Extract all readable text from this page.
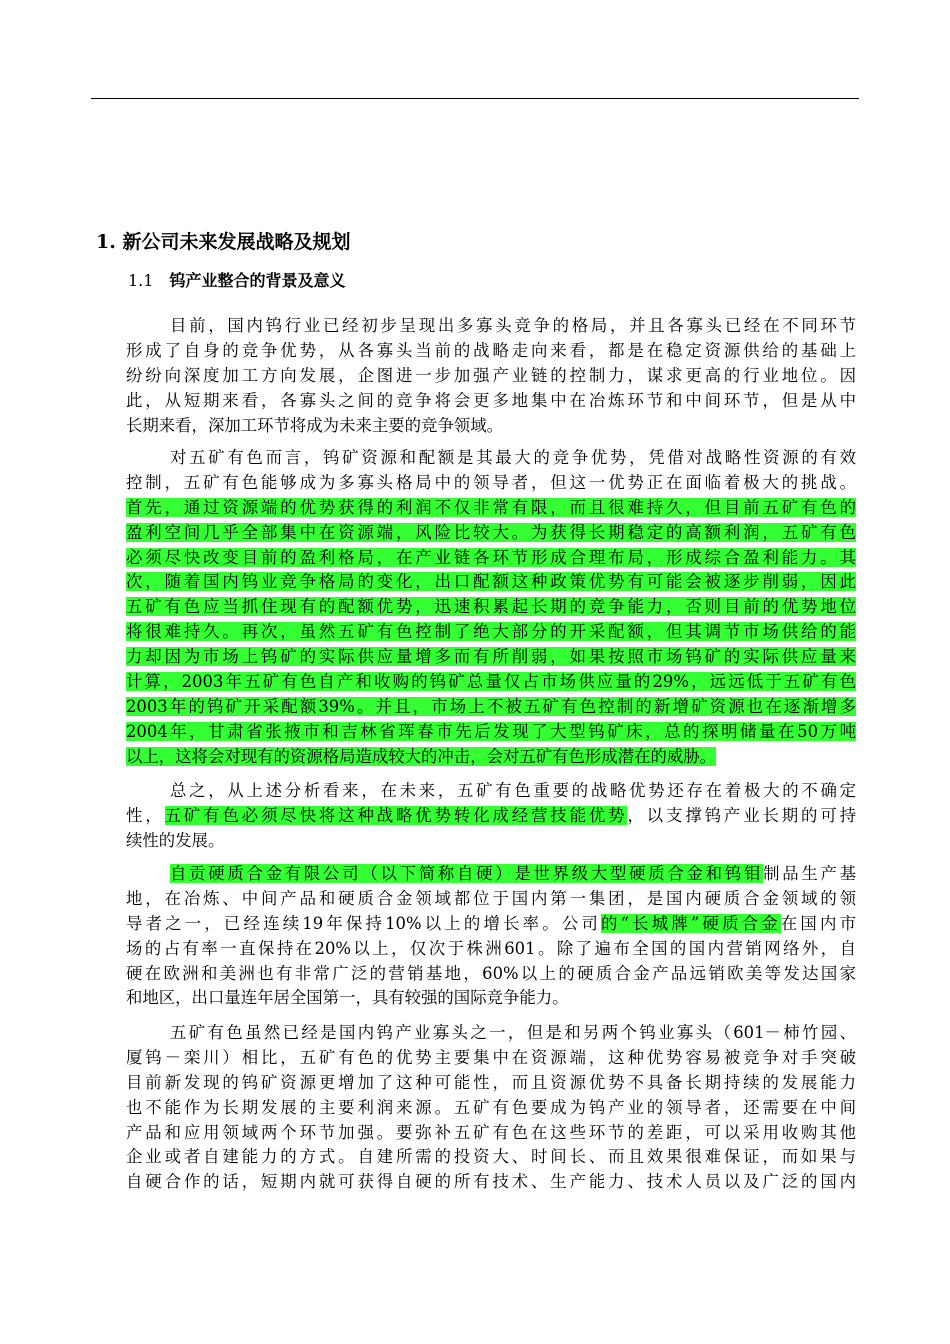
1. 新公司未来发展战略及规划
1.1 钨产业整合的背景及意义
目前，国内钨行业已经初步呈现出多寡头竞争的格局，并且各寡头已经在不同环节
形成了自身的竞争优势，从各寡头当前的战略走向来看，都是在稳定资源供给的基础上
纷纷向深度加工方向发展，企图进一步加强产业链的控制力，谋求更高的行业地位。因
此，从短期来看，各寡头之间的竞争将会更多地集中在冶炼环节和中间环节，但是从中
长期来看，深加工环节将成为未来主要的竞争领域。
对五矿有色而言，钨矿资源和配额是其最大的竞争优势，凭借对战略性资源的有效
控制，五矿有色能够成为多寡头格局中的领导者，但这一优势正在面临着极大的挑战。
首先，通过资源端的优势获得的利润不仅非常有限，而且很难持久，但目前五矿有色的
盈利空间几乎全部集中在资源端，风险比较大。为获得长期稳定的高额利润，五矿有色
必须尽快改变目前的盈利格局，在产业链各环节形成合理布局，形成综合盈利能力。其
次，随着国内钨业竞争格局的变化，出口配额这种政策优势有可能会被逐步削弱，因此
五矿有色应当抓住现有的配额优势，迅速积累起长期的竞争能力，否则目前的优势地位
将很难持久。再次，虽然五矿有色控制了绝大部分的开采配额，但其调节市场供给的能
力却因为市场上钨矿的实际供应量增多而有所削弱，如果按照市场钨矿的实际供应量来
计算，2003年五矿有色自产和收购的钨矿总量仅占市场供应量的29%，远远低于五矿有色
2003年的钨矿开采配额39%。并且，市场上不被五矿有色控制的新增矿资源也在逐渐增多
2004年，甘肃省张掖市和吉林省珲春市先后发现了大型钨矿床，总的探明储量在50万吨
以上，这将会对现有的资源格局造成较大的冲击，会对五矿有色形成潜在的威胁。
总之，从上述分析看来，在未来，五矿有色重要的战略优势还存在着极大的不确定
性，五矿有色必须尽快将这种战略优势转化成经营技能优势，以支撑钨产业长期的可持
续性的发展。
自贡硬质合金有限公司（以下简称自硬）是世界级大型硬质合金和钨钼制品生产基
地，在冶炼、中间产品和硬质合金领域都位于国内第一集团，是国内硬质合金领域的领
导者之一，已经连续19年保持10%以上的增长率。公司的“长城牌”硬质合金在国内市
场的占有率一直保持在20%以上，仅次于株洲601。除了遍布全国的国内营销网络外，自
硬在欧洲和美洲也有非常广泛的营销基地，60%以上的硬质合金产品远销欧美等发达国家
和地区，出口量连年居全国第一，具有较强的国际竞争能力。
五矿有色虽然已经是国内钨产业寡头之一，但是和另两个钨业寡头（601－柿竹园、
厦钨－栾川）相比，五矿有色的优势主要集中在资源端，这种优势容易被竞争对手突破
目前新发现的钨矿资源更增加了这种可能性，而且资源优势不具备长期持续的发展能力
也不能作为长期发展的主要利润来源。五矿有色要成为钨产业的领导者，还需要在中间
产品和应用领域两个环节加强。要弥补五矿有色在这些环节的差距，可以采用收购其他
企业或者自建能力的方式。自建所需的投资大、时间长、而且效果很难保证，而如果与
自硬合作的话，短期内就可获得自硬的所有技术、生产能力、技术人员以及广泛的国内
